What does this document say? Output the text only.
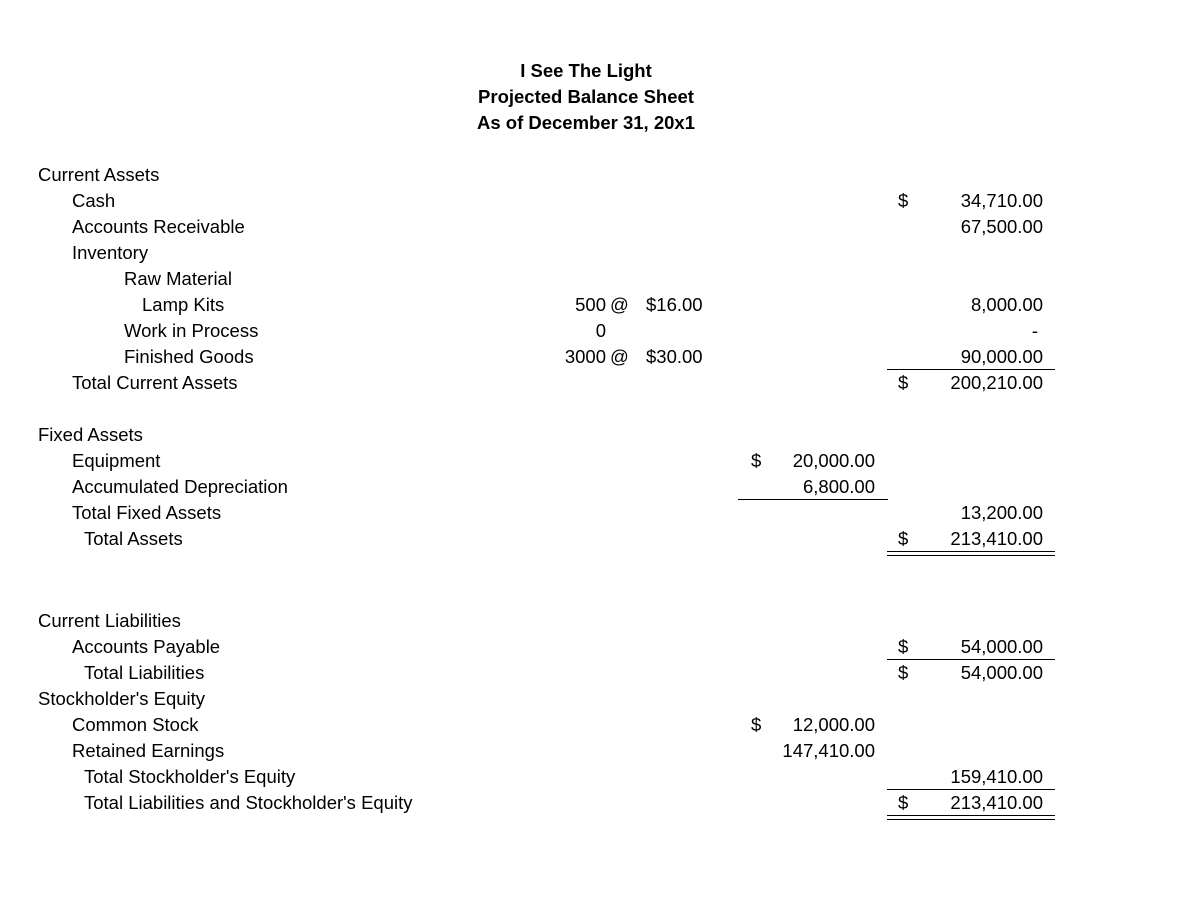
I See The Light
Projected Balance Sheet
As of December 31, 20x1
Current Assets
Cash	$	34,710.00
Accounts Receivable	67,500.00
Inventory
Raw Material
Lamp Kits	500 @ $16.00	8,000.00
Work in Process	0	-
Finished Goods	3000 @ $30.00	90,000.00
Total Current Assets	$	200,210.00
Fixed Assets
Equipment	$	20,000.00
Accumulated Depreciation	6,800.00
Total Fixed Assets	13,200.00
Total Assets	$	213,410.00
Current Liabilities
Accounts Payable	$	54,000.00
Total Liabilities	$	54,000.00
Stockholder's Equity
Common Stock	$	12,000.00
Retained Earnings	147,410.00
Total Stockholder's Equity	159,410.00
Total Liabilities and Stockholder's Equity	$	213,410.00
